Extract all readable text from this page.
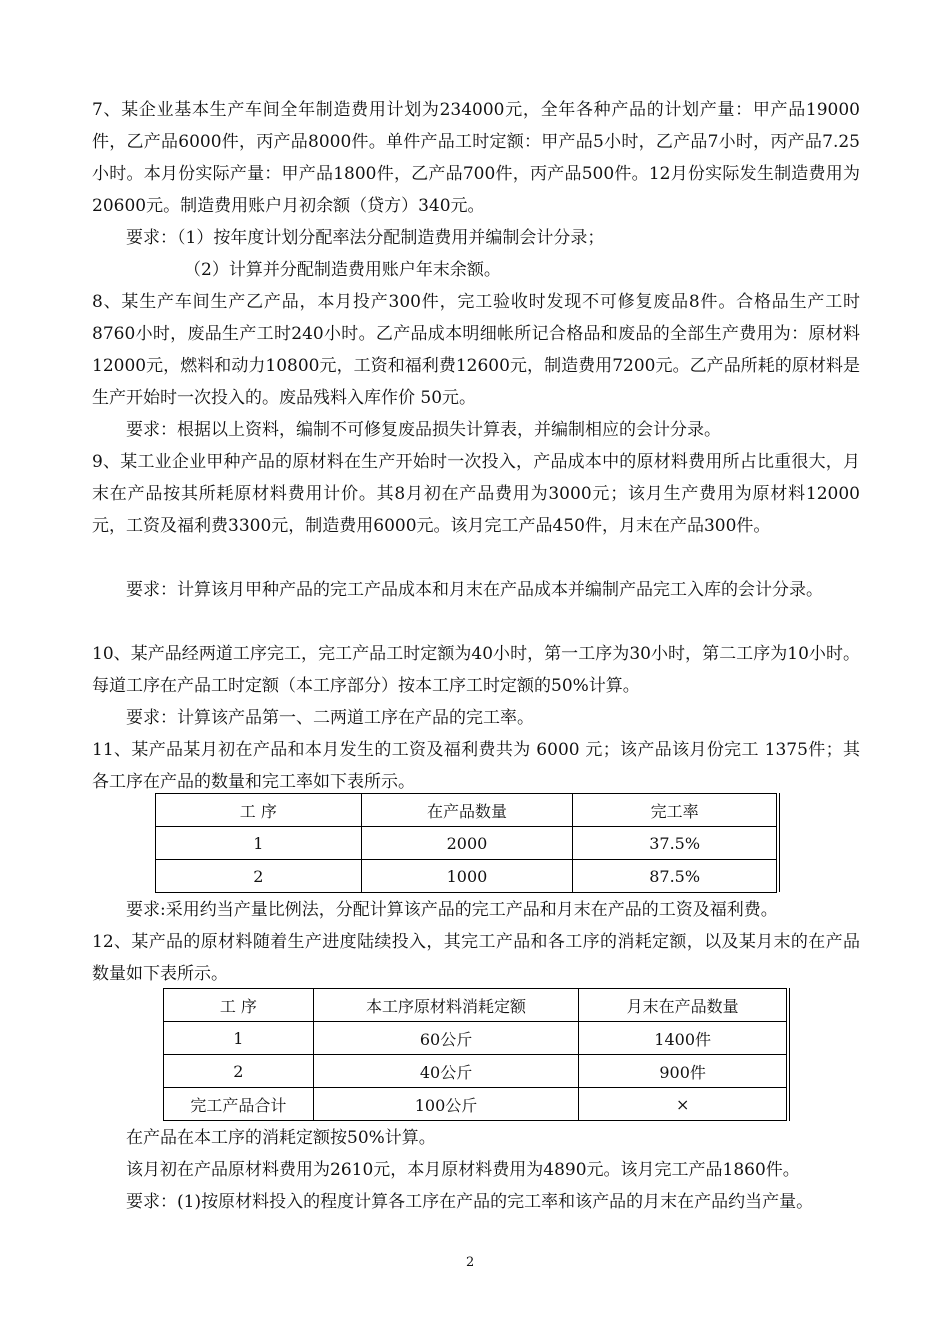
7、某企业基本生产车间全年制造费用计划为234000元，全年各种产品的计划产量：甲产品19000件，乙产品6000件，丙产品8000件。单件产品工时定额：甲产品5小时，乙产品7小时，丙产品7.25小时。本月份实际产量：甲产品1800件，乙产品700件，丙产品500件。12月份实际发生制造费用为20600元。制造费用账户月初余额（贷方）340元。

要求：（1）按年度计划分配率法分配制造费用并编制会计分录；

（2）计算并分配制造费用账户年末余额。

8、某生产车间生产乙产品，本月投产300件，完工验收时发现不可修复废品8件。合格品生产工时8760小时，废品生产工时240小时。乙产品成本明细帐所记合格品和废品的全部生产费用为：原材料12000元，燃料和动力10800元，工资和福利费12600元，制造费用7200元。乙产品所耗的原材料是生产开始时一次投入的。废品残料入库作价 50元。

要求：根据以上资料，编制不可修复废品损失计算表，并编制相应的会计分录。

9、某工业企业甲种产品的原材料在生产开始时一次投入，产品成本中的原材料费用所占比重很大，月末在产品按其所耗原材料费用计价。其8月初在产品费用为3000元；该月生产费用为原材料12000元，工资及福利费3300元，制造费用6000元。该月完工产品450件，月末在产品300件。

要求：计算该月甲种产品的完工产品成本和月末在产品成本并编制产品完工入库的会计分录。

10、某产品经两道工序完工，完工产品工时定额为40小时，第一工序为30小时，第二工序为10小时。每道工序在产品工时定额（本工序部分）按本工序工时定额的50%计算。

要求：计算该产品第一、二两道工序在产品的完工率。

11、某产品某月初在产品和本月发生的工资及福利费共为 6000 元；该产品该月份完工 1375件；其各工序在产品的数量和完工率如下表所示。

工 序	在产品数量	完工率
1	2000	37.5%
2	1000	87.5%

要求:采用约当产量比例法，分配计算该产品的完工产品和月末在产品的工资及福利费。

12、某产品的原材料随着生产进度陆续投入，其完工产品和各工序的消耗定额，以及某月末的在产品数量如下表所示。

工 序	本工序原材料消耗定额	月末在产品数量
1	60公斤	1400件
2	40公斤	900件
完工产品合计	100公斤	×

在产品在本工序的消耗定额按50%计算。

该月初在产品原材料费用为2610元，本月原材料费用为4890元。该月完工产品1860件。

要求：(1)按原材料投入的程度计算各工序在产品的完工率和该产品的月末在产品约当产量。

2
